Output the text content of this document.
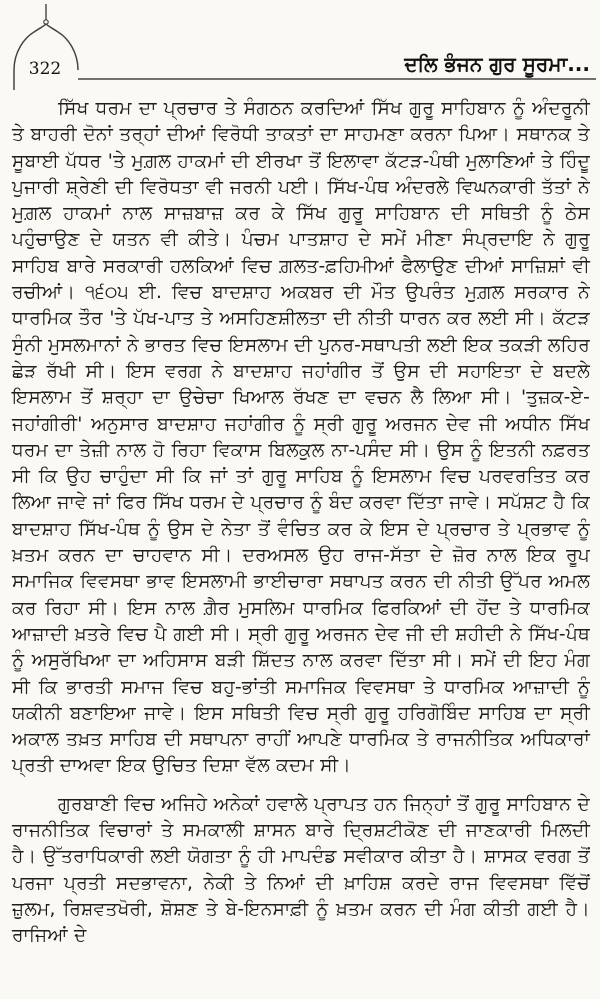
322	ਦਲਿ ਭੰਜਨ ਗੁਰ ਸੂਰਮਾ...

ਸਿੱਖ ਧਰਮ ਦਾ ਪ੍ਰਚਾਰ ਤੇ ਸੰਗਠਨ ਕਰਦਿਆਂ ਸਿੱਖ ਗੁਰੂ ਸਾਹਿਬਾਨ ਨੂੰ ਅੰਦਰੂਨੀ ਤੇ ਬਾਹਰੀ ਦੋਨਾਂ ਤਰ੍ਹਾਂ ਦੀਆਂ ਵਿਰੋਧੀ ਤਾਕਤਾਂ ਦਾ ਸਾਹਮਣਾ ਕਰਨਾ ਪਿਆ। ਸਥਾਨਕ ਤੇ ਸੂਬਾਈ ਪੱਧਰ 'ਤੇ ਮੁਗ਼ਲ ਹਾਕਮਾਂ ਦੀ ਈਰਖਾ ਤੋਂ ਇਲਾਵਾ ਕੱਟੜ-ਪੰਥੀ ਮੁਲਾਣਿਆਂ ਤੇ ਹਿੰਦੂ ਪੁਜਾਰੀ ਸ਼੍ਰੇਣੀ ਦੀ ਵਿਰੋਧਤਾ ਵੀ ਜਰਨੀ ਪਈ। ਸਿੱਖ-ਪੰਥ ਅੰਦਰਲੇ ਵਿਘਨਕਾਰੀ ਤੱਤਾਂ ਨੇ ਮੁਗ਼ਲ ਹਾਕਮਾਂ ਨਾਲ ਸਾਜ਼ਬਾਜ਼ ਕਰ ਕੇ ਸਿੱਖ ਗੁਰੂ ਸਾਹਿਬਾਨ ਦੀ ਸਥਿਤੀ ਨੂੰ ਠੇਸ ਪਹੁੰਚਾਉਣ ਦੇ ਯਤਨ ਵੀ ਕੀਤੇ। ਪੰਚਮ ਪਾਤਸ਼ਾਹ ਦੇ ਸਮੇਂ ਮੀਣਾ ਸੰਪ੍ਰਦਾਇ ਨੇ ਗੁਰੂ ਸਾਹਿਬ ਬਾਰੇ ਸਰਕਾਰੀ ਹਲਕਿਆਂ ਵਿਚ ਗ਼ਲਤ-ਫ਼ਹਿਮੀਆਂ ਫੈਲਾਉਣ ਦੀਆਂ ਸਾਜ਼ਿਸ਼ਾਂ ਵੀ ਰਚੀਆਂ। ੧੬੦੫ ਈ. ਵਿਚ ਬਾਦਸ਼ਾਹ ਅਕਬਰ ਦੀ ਮੌਤ ਉਪਰੰਤ ਮੁਗ਼ਲ ਸਰਕਾਰ ਨੇ ਧਾਰਮਿਕ ਤੌਰ 'ਤੇ ਪੱਖ-ਪਾਤ ਤੇ ਅਸਹਿਣਸ਼ੀਲਤਾ ਦੀ ਨੀਤੀ ਧਾਰਨ ਕਰ ਲਈ ਸੀ। ਕੱਟੜ ਸੁੰਨੀ ਮੁਸਲਮਾਨਾਂ ਨੇ ਭਾਰਤ ਵਿਚ ਇਸਲਾਮ ਦੀ ਪੁਨਰ-ਸਥਾਪਤੀ ਲਈ ਇਕ ਤਕੜੀ ਲਹਿਰ ਛੇੜ ਰੱਖੀ ਸੀ। ਇਸ ਵਰਗ ਨੇ ਬਾਦਸ਼ਾਹ ਜਹਾਂਗੀਰ ਤੋਂ ਉਸ ਦੀ ਸਹਾਇਤਾ ਦੇ ਬਦਲੇ ਇਸਲਾਮ ਤੋਂ ਸ਼ਰ੍ਹਾ ਦਾ ਉਚੇਚਾ ਖਿਆਲ ਰੱਖਣ ਦਾ ਵਚਨ ਲੈ ਲਿਆ ਸੀ। 'ਤੁਜ਼ਕ-ਏ-ਜਹਾਂਗੀਰੀ' ਅਨੁਸਾਰ ਬਾਦਸ਼ਾਹ ਜਹਾਂਗੀਰ ਨੂੰ ਸ੍ਰੀ ਗੁਰੂ ਅਰਜਨ ਦੇਵ ਜੀ ਅਧੀਨ ਸਿੱਖ ਧਰਮ ਦਾ ਤੇਜ਼ੀ ਨਾਲ ਹੋ ਰਿਹਾ ਵਿਕਾਸ ਬਿਲਕੁਲ ਨਾ-ਪਸੰਦ ਸੀ। ਉਸ ਨੂੰ ਇਤਨੀ ਨਫ਼ਰਤ ਸੀ ਕਿ ਉਹ ਚਾਹੁੰਦਾ ਸੀ ਕਿ ਜਾਂ ਤਾਂ ਗੁਰੂ ਸਾਹਿਬ ਨੂੰ ਇਸਲਾਮ ਵਿਚ ਪਰਵਰਤਿਤ ਕਰ ਲਿਆ ਜਾਵੇ ਜਾਂ ਫਿਰ ਸਿੱਖ ਧਰਮ ਦੇ ਪ੍ਰਚਾਰ ਨੂੰ ਬੰਦ ਕਰਵਾ ਦਿੱਤਾ ਜਾਵੇ। ਸਪੱਸ਼ਟ ਹੈ ਕਿ ਬਾਦਸ਼ਾਹ ਸਿੱਖ-ਪੰਥ ਨੂੰ ਉਸ ਦੇ ਨੇਤਾ ਤੋਂ ਵੰਚਿਤ ਕਰ ਕੇ ਇਸ ਦੇ ਪ੍ਰਚਾਰ ਤੇ ਪ੍ਰਭਾਵ ਨੂੰ ਖ਼ਤਮ ਕਰਨ ਦਾ ਚਾਹਵਾਨ ਸੀ। ਦਰਅਸਲ ਉਹ ਰਾਜ-ਸੱਤਾ ਦੇ ਜ਼ੋਰ ਨਾਲ ਇਕ ਰੂਪ ਸਮਾਜਿਕ ਵਿਵਸਥਾ ਭਾਵ ਇਸਲਾਮੀ ਭਾਈਚਾਰਾ ਸਥਾਪਤ ਕਰਨ ਦੀ ਨੀਤੀ ਉੱਪਰ ਅਮਲ ਕਰ ਰਿਹਾ ਸੀ। ਇਸ ਨਾਲ ਗ਼ੈਰ ਮੁਸਲਿਮ ਧਾਰਮਿਕ ਫਿਰਕਿਆਂ ਦੀ ਹੋਂਦ ਤੇ ਧਾਰਮਿਕ ਆਜ਼ਾਦੀ ਖ਼ਤਰੇ ਵਿਚ ਪੈ ਗਈ ਸੀ। ਸ੍ਰੀ ਗੁਰੂ ਅਰਜਨ ਦੇਵ ਜੀ ਦੀ ਸ਼ਹੀਦੀ ਨੇ ਸਿੱਖ-ਪੰਥ ਨੂੰ ਅਸੁਰੱਖਿਆ ਦਾ ਅਹਿਸਾਸ ਬੜੀ ਸ਼ਿੱਦਤ ਨਾਲ ਕਰਵਾ ਦਿੱਤਾ ਸੀ। ਸਮੇਂ ਦੀ ਇਹ ਮੰਗ ਸੀ ਕਿ ਭਾਰਤੀ ਸਮਾਜ ਵਿਚ ਬਹੁ-ਭਾਂਤੀ ਸਮਾਜਿਕ ਵਿਵਸਥਾ ਤੇ ਧਾਰਮਿਕ ਆਜ਼ਾਦੀ ਨੂੰ ਯਕੀਨੀ ਬਣਾਇਆ ਜਾਵੇ। ਇਸ ਸਥਿਤੀ ਵਿਚ ਸ੍ਰੀ ਗੁਰੂ ਹਰਿਗੋਬਿੰਦ ਸਾਹਿਬ ਦਾ ਸ੍ਰੀ ਅਕਾਲ ਤਖ਼ਤ ਸਾਹਿਬ ਦੀ ਸਥਾਪਨਾ ਰਾਹੀਂ ਆਪਣੇ ਧਾਰਮਿਕ ਤੇ ਰਾਜਨੀਤਿਕ ਅਧਿਕਾਰਾਂ ਪ੍ਰਤੀ ਦਾਅਵਾ ਇਕ ਉਚਿਤ ਦਿਸ਼ਾ ਵੱਲ ਕਦਮ ਸੀ।

ਗੁਰਬਾਣੀ ਵਿਚ ਅਜਿਹੇ ਅਨੇਕਾਂ ਹਵਾਲੇ ਪ੍ਰਾਪਤ ਹਨ ਜਿਨ੍ਹਾਂ ਤੋਂ ਗੁਰੂ ਸਾਹਿਬਾਨ ਦੇ ਰਾਜਨੀਤਿਕ ਵਿਚਾਰਾਂ ਤੇ ਸਮਕਾਲੀ ਸ਼ਾਸਨ ਬਾਰੇ ਦ੍ਰਿਸ਼ਟੀਕੋਣ ਦੀ ਜਾਣਕਾਰੀ ਮਿਲਦੀ ਹੈ। ਉੱਤਰਾਧਿਕਾਰੀ ਲਈ ਯੋਗਤਾ ਨੂੰ ਹੀ ਮਾਪਦੰਡ ਸਵੀਕਾਰ ਕੀਤਾ ਹੈ। ਸ਼ਾਸਕ ਵਰਗ ਤੋਂ ਪਰਜਾ ਪ੍ਰਤੀ ਸਦਭਾਵਨਾ, ਨੇਕੀ ਤੇ ਨਿਆਂ ਦੀ ਖ਼ਾਹਿਸ਼ ਕਰਦੇ ਰਾਜ ਵਿਵਸਥਾ ਵਿੱਚੋਂ ਜ਼ੁਲਮ, ਰਿਸ਼ਵਤਖੋਰੀ, ਸ਼ੋਸ਼ਣ ਤੇ ਬੇ-ਇਨਸਾਫ਼ੀ ਨੂੰ ਖ਼ਤਮ ਕਰਨ ਦੀ ਮੰਗ ਕੀਤੀ ਗਈ ਹੈ। ਰਾਜਿਆਂ ਦੇ
